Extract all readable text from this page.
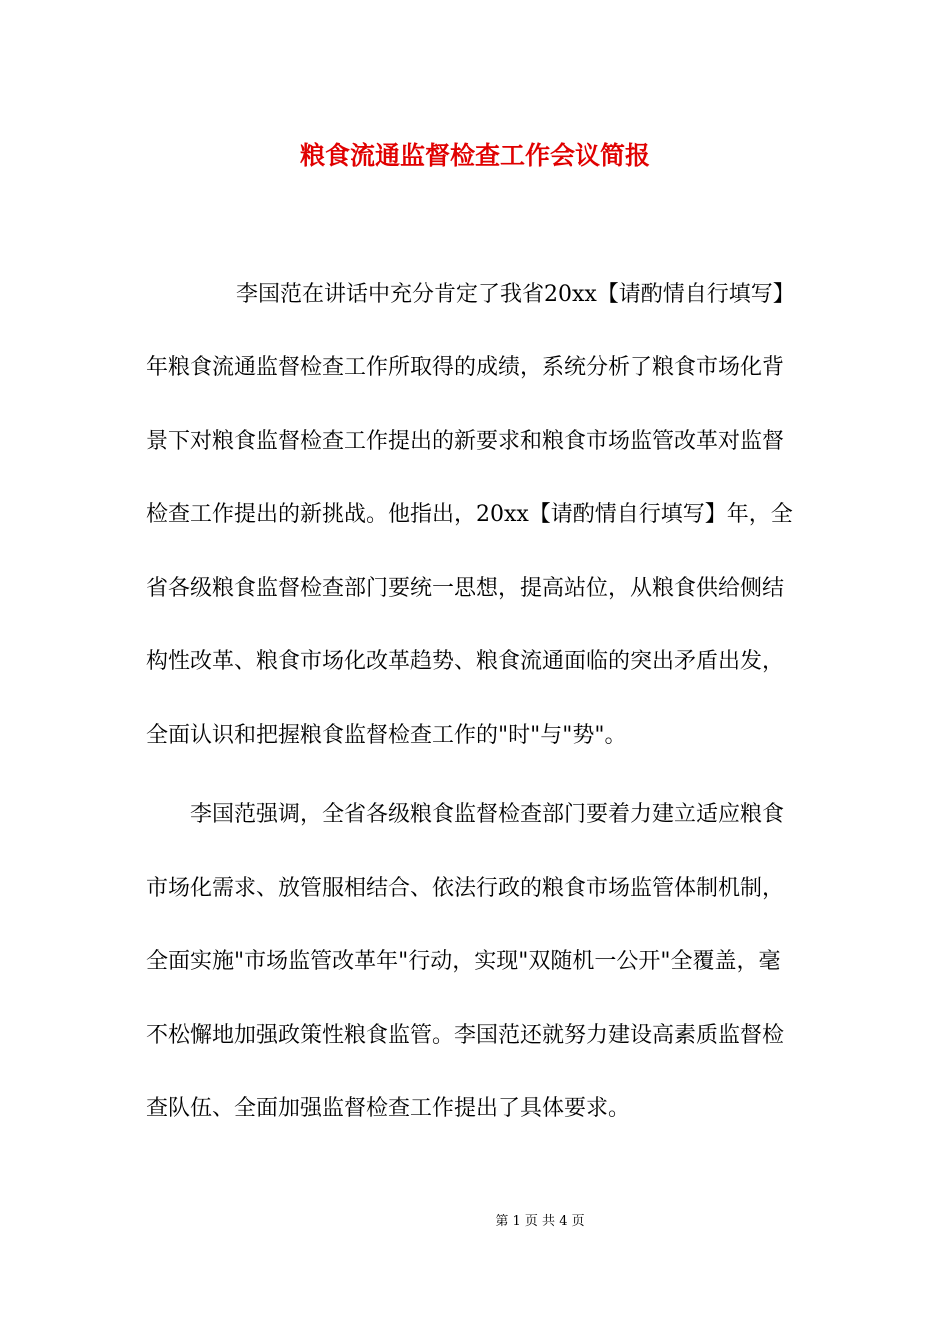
粮食流通监督检查工作会议简报
李国范在讲话中充分肯定了我省20xx【请酌情自行填写】
年粮食流通监督检查工作所取得的成绩，系统分析了粮食市场化背
景下对粮食监督检查工作提出的新要求和粮食市场监管改革对监督
检查工作提出的新挑战。他指出，20xx【请酌情自行填写】年，全
省各级粮食监督检查部门要统一思想，提高站位，从粮食供给侧结
构性改革、粮食市场化改革趋势、粮食流通面临的突出矛盾出发，
全面认识和把握粮食监督检查工作的"时"与"势"。
李国范强调，全省各级粮食监督检查部门要着力建立适应粮食
市场化需求、放管服相结合、依法行政的粮食市场监管体制机制，
全面实施"市场监管改革年"行动，实现"双随机一公开"全覆盖，毫
不松懈地加强政策性粮食监管。李国范还就努力建设高素质监督检
查队伍、全面加强监督检查工作提出了具体要求。
第 1 页 共 4 页
